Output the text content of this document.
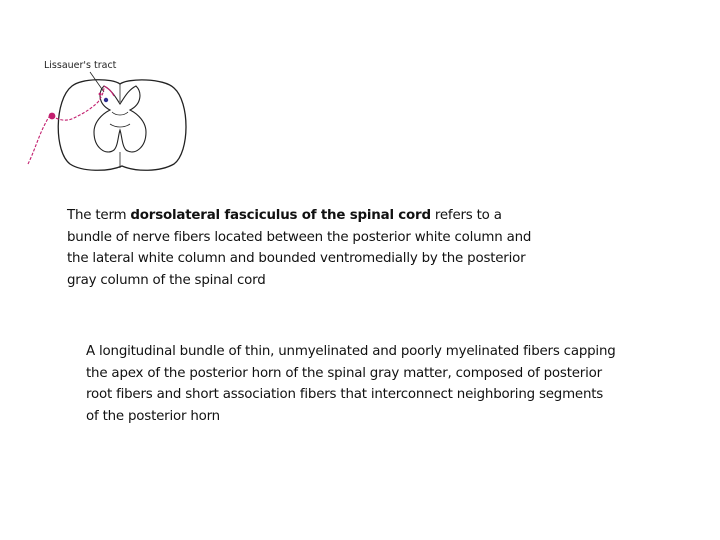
Lissauer's tract
The term dorsolateral fasciculus of the spinal cord refers to a bundle of nerve fibers located between the posterior white column and the lateral white column and bounded ventromedially by the posterior gray column of the spinal cord
A longitudinal bundle of thin, unmyelinated and poorly myelinated fibers capping the apex of the posterior horn of the spinal gray matter, composed of posterior root fibers and short association fibers that interconnect neighboring segments of the posterior horn
